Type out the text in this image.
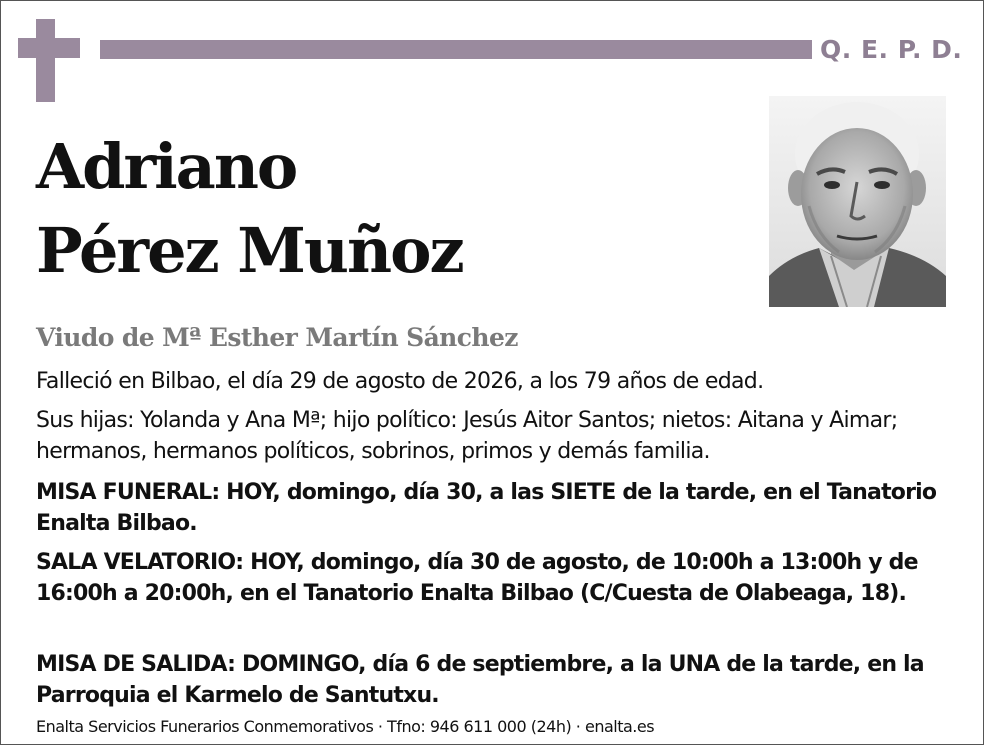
Q. E. P. D.
Adriano
Pérez Muñoz
Viudo de Mª Esther Martín Sánchez
Falleció en Bilbao, el día 29 de agosto de 2026, a los 79 años de edad.
Sus hijas: Yolanda y Ana Mª; hijo político: Jesús Aitor Santos; nietos: Aitana y Aimar; hermanos, hermanos políticos, sobrinos, primos y demás familia.
MISA FUNERAL: HOY, domingo, día 30, a las SIETE de la tarde, en el Tanatorio Enalta Bilbao.
SALA VELATORIO: HOY, domingo, día 30 de agosto, de 10:00h a 13:00h y de 16:00h a 20:00h, en el Tanatorio Enalta Bilbao (C/Cuesta de Olabeaga, 18).
MISA DE SALIDA: DOMINGO, día 6 de septiembre, a la UNA de la tarde, en la Parroquia el Karmelo de Santutxu.
Enalta Servicios Funerarios Conmemorativos · Tfno: 946 611 000 (24h) · enalta.es
